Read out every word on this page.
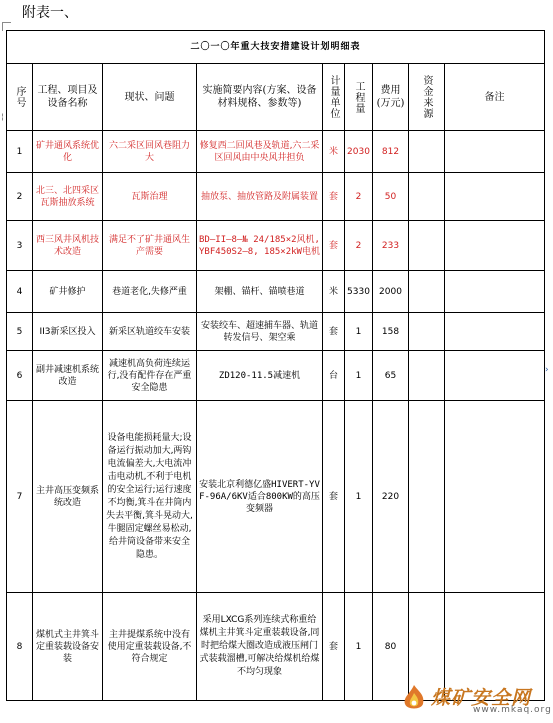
附表一、
¦
›
二〇一〇年重大技安措建设计划明细表								
序号	工程、项目及设备名称	现状、问题	实施简要内容(方案、设备材料规格、参数等)	计量单位	工程量	费用(万元)	资金来源	备注
1	矿井通风系统优化	六二采区回风巷阻力大	修复西二回风巷及轨道,六二采区回风由中央风井担负	米	2030	812		
2	北三、北四采区瓦斯抽放系统	瓦斯治理	抽放泵、抽放管路及附属装置	套	2	50		
3	西三风井风机技术改造	满足不了矿井通风生产需要	BD—II—8—№ 24/185×2风机, YBF450S2—8, 185×2kW电机	套	2	233		
4	矿井修护	巷道老化,失修严重	架棚、锚杆、锚喷巷道	米	5330	2000		
5	II3新采区投入	新采区轨道绞车安装	安装绞车、超速捕车器、轨道转发信号、架空乘	套	1	158		
6	副井减速机系统改造	减速机高负荷连续运行,没有配件存在严重安全隐患	ZD120-11.5减速机	台	1	65		
7	主井高压变频系统改造	设备电能损耗量大;设备运行振动加大,两钩电流偏差大,大电流冲击电动机,不利于电机的安全运行;运行速度不均衡,箕斗在井筒内失去平衡,箕斗晃动大,牛腿固定螺丝易松动,给井筒设备带来安全隐患。	安装北京利德亿盛HIVERT-YVF-96A/6KV适合800KW的高压变频器	套	1	220		
8	煤机式主井箕斗定重装载设备安装	主井提煤系统中没有使用定重装载设备,不符合规定	采用LXCG系列连续式称重给煤机主井箕斗定重装载设备,同时把给煤大圈改造成液压闸门式装载溜槽,可解决给煤机给煤不均匀现象	套	1	80		
煤矿安全网
www.mkaq.org
